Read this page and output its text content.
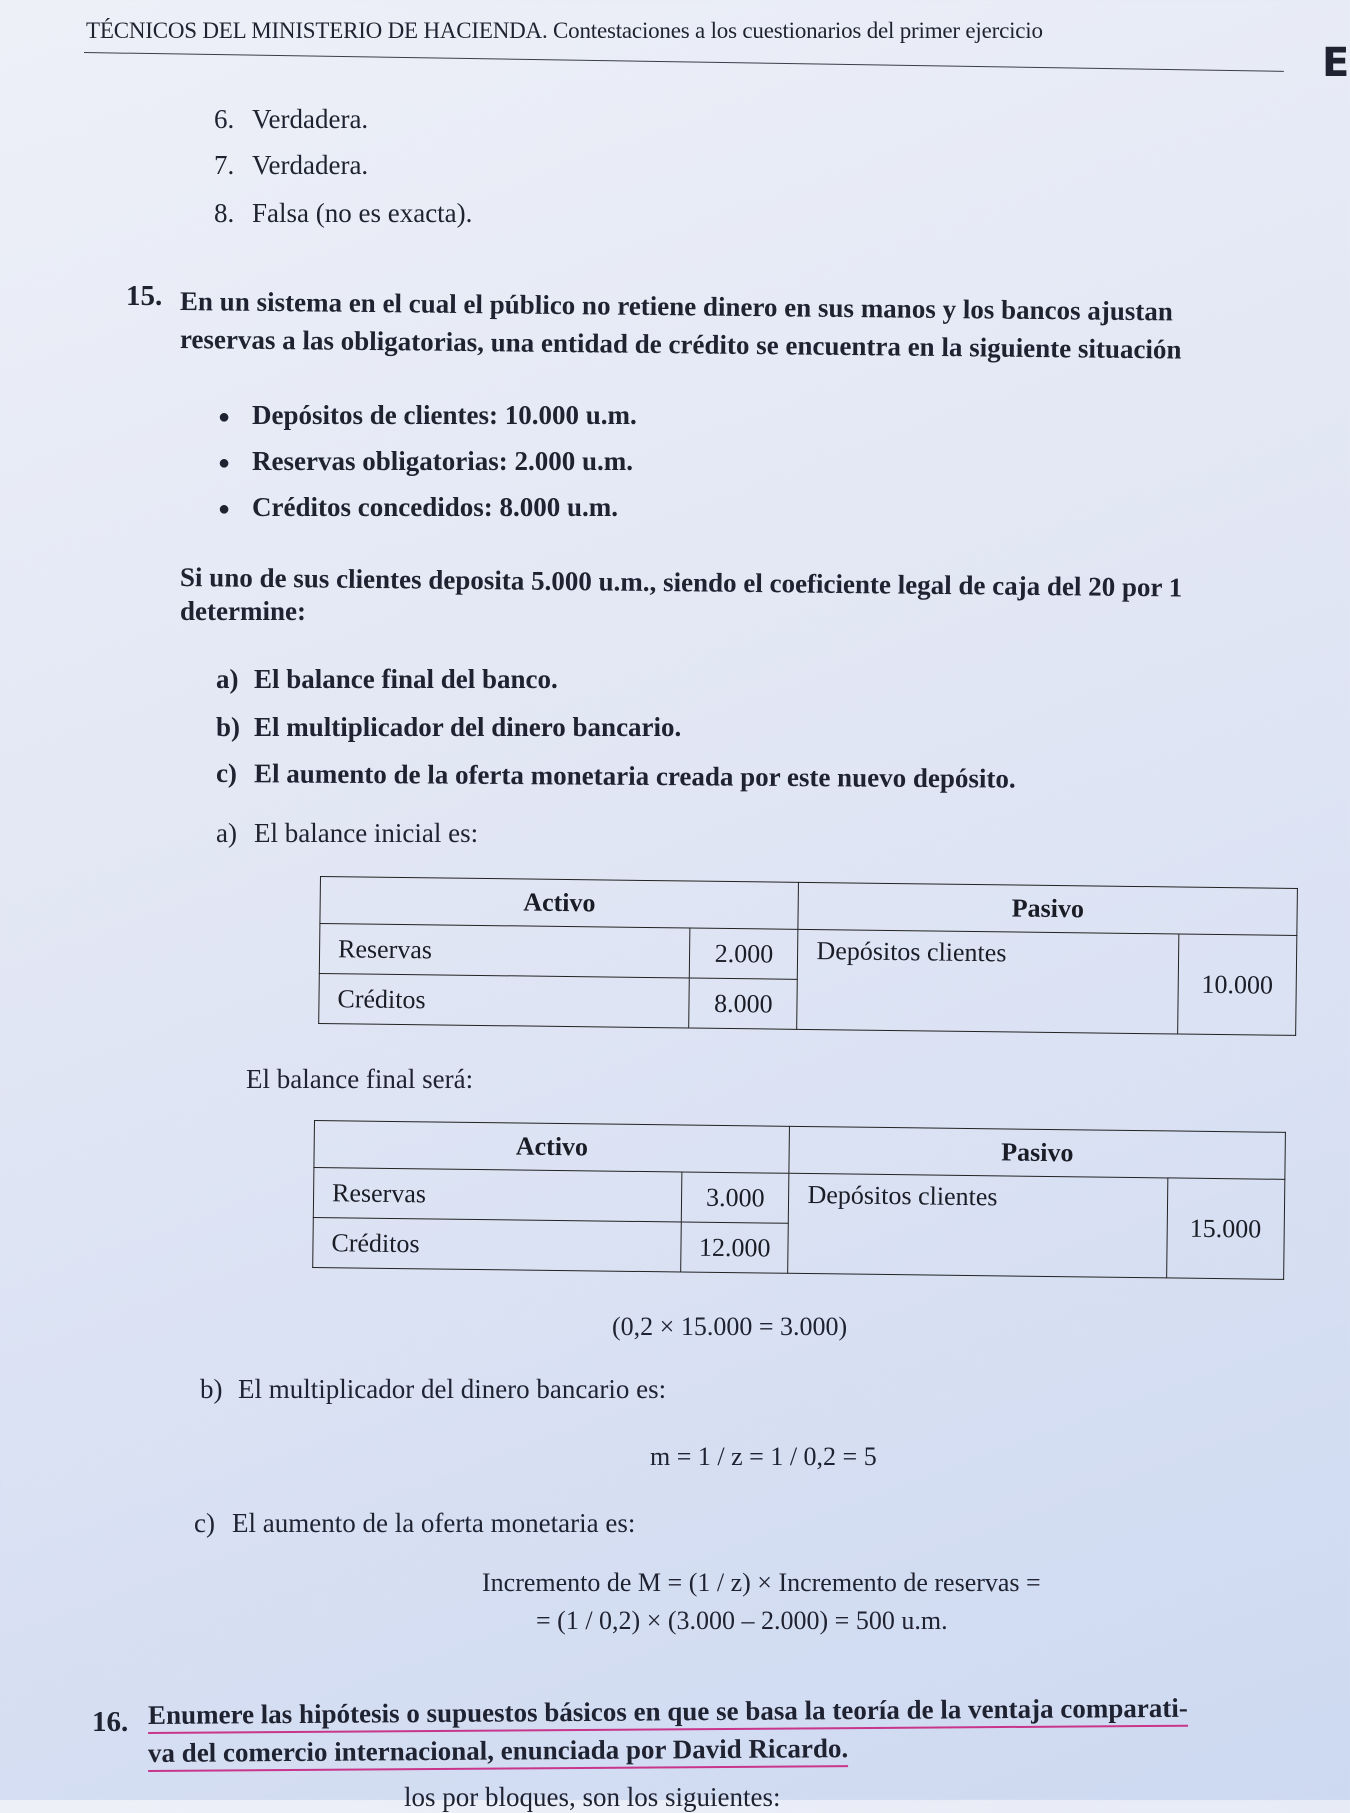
TÉCNICOS DEL MINISTERIO DE HACIENDA. Contestaciones a los cuestionarios del primer ejercicio
E
6. Verdadera.
7. Verdadera.
8. Falsa (no es exacta).
15. En un sistema en el cual el público no retiene dinero en sus manos y los bancos ajustan
reservas a las obligatorias, una entidad de crédito se encuentra en la siguiente situación
● Depósitos de clientes: 10.000 u.m.
● Reservas obligatorias: 2.000 u.m.
● Créditos concedidos: 8.000 u.m.
Si uno de sus clientes deposita 5.000 u.m., siendo el coeficiente legal de caja del 20 por 1
determine:
a) El balance final del banco.
b) El multiplicador del dinero bancario.
c) El aumento de la oferta monetaria creada por este nuevo depósito.
a) El balance inicial es:
Activo		Pasivo	
Reservas	2.000	Depósitos clientes	10.000
Créditos	8.000		
El balance final será:
Activo		Pasivo	
Reservas	3.000	Depósitos clientes	15.000
Créditos	12.000		
(0,2 × 15.000 = 3.000)
b) El multiplicador del dinero bancario es:
m = 1 / z = 1 / 0,2 = 5
c) El aumento de la oferta monetaria es:
Incremento de M = (1 / z) × Incremento de reservas =
= (1 / 0,2) × (3.000 – 2.000) = 500 u.m.
16. Enumere las hipótesis o supuestos básicos en que se basa la teoría de la ventaja comparati-
va del comercio internacional, enunciada por David Ricardo.
los por bloques, son los siguientes:
